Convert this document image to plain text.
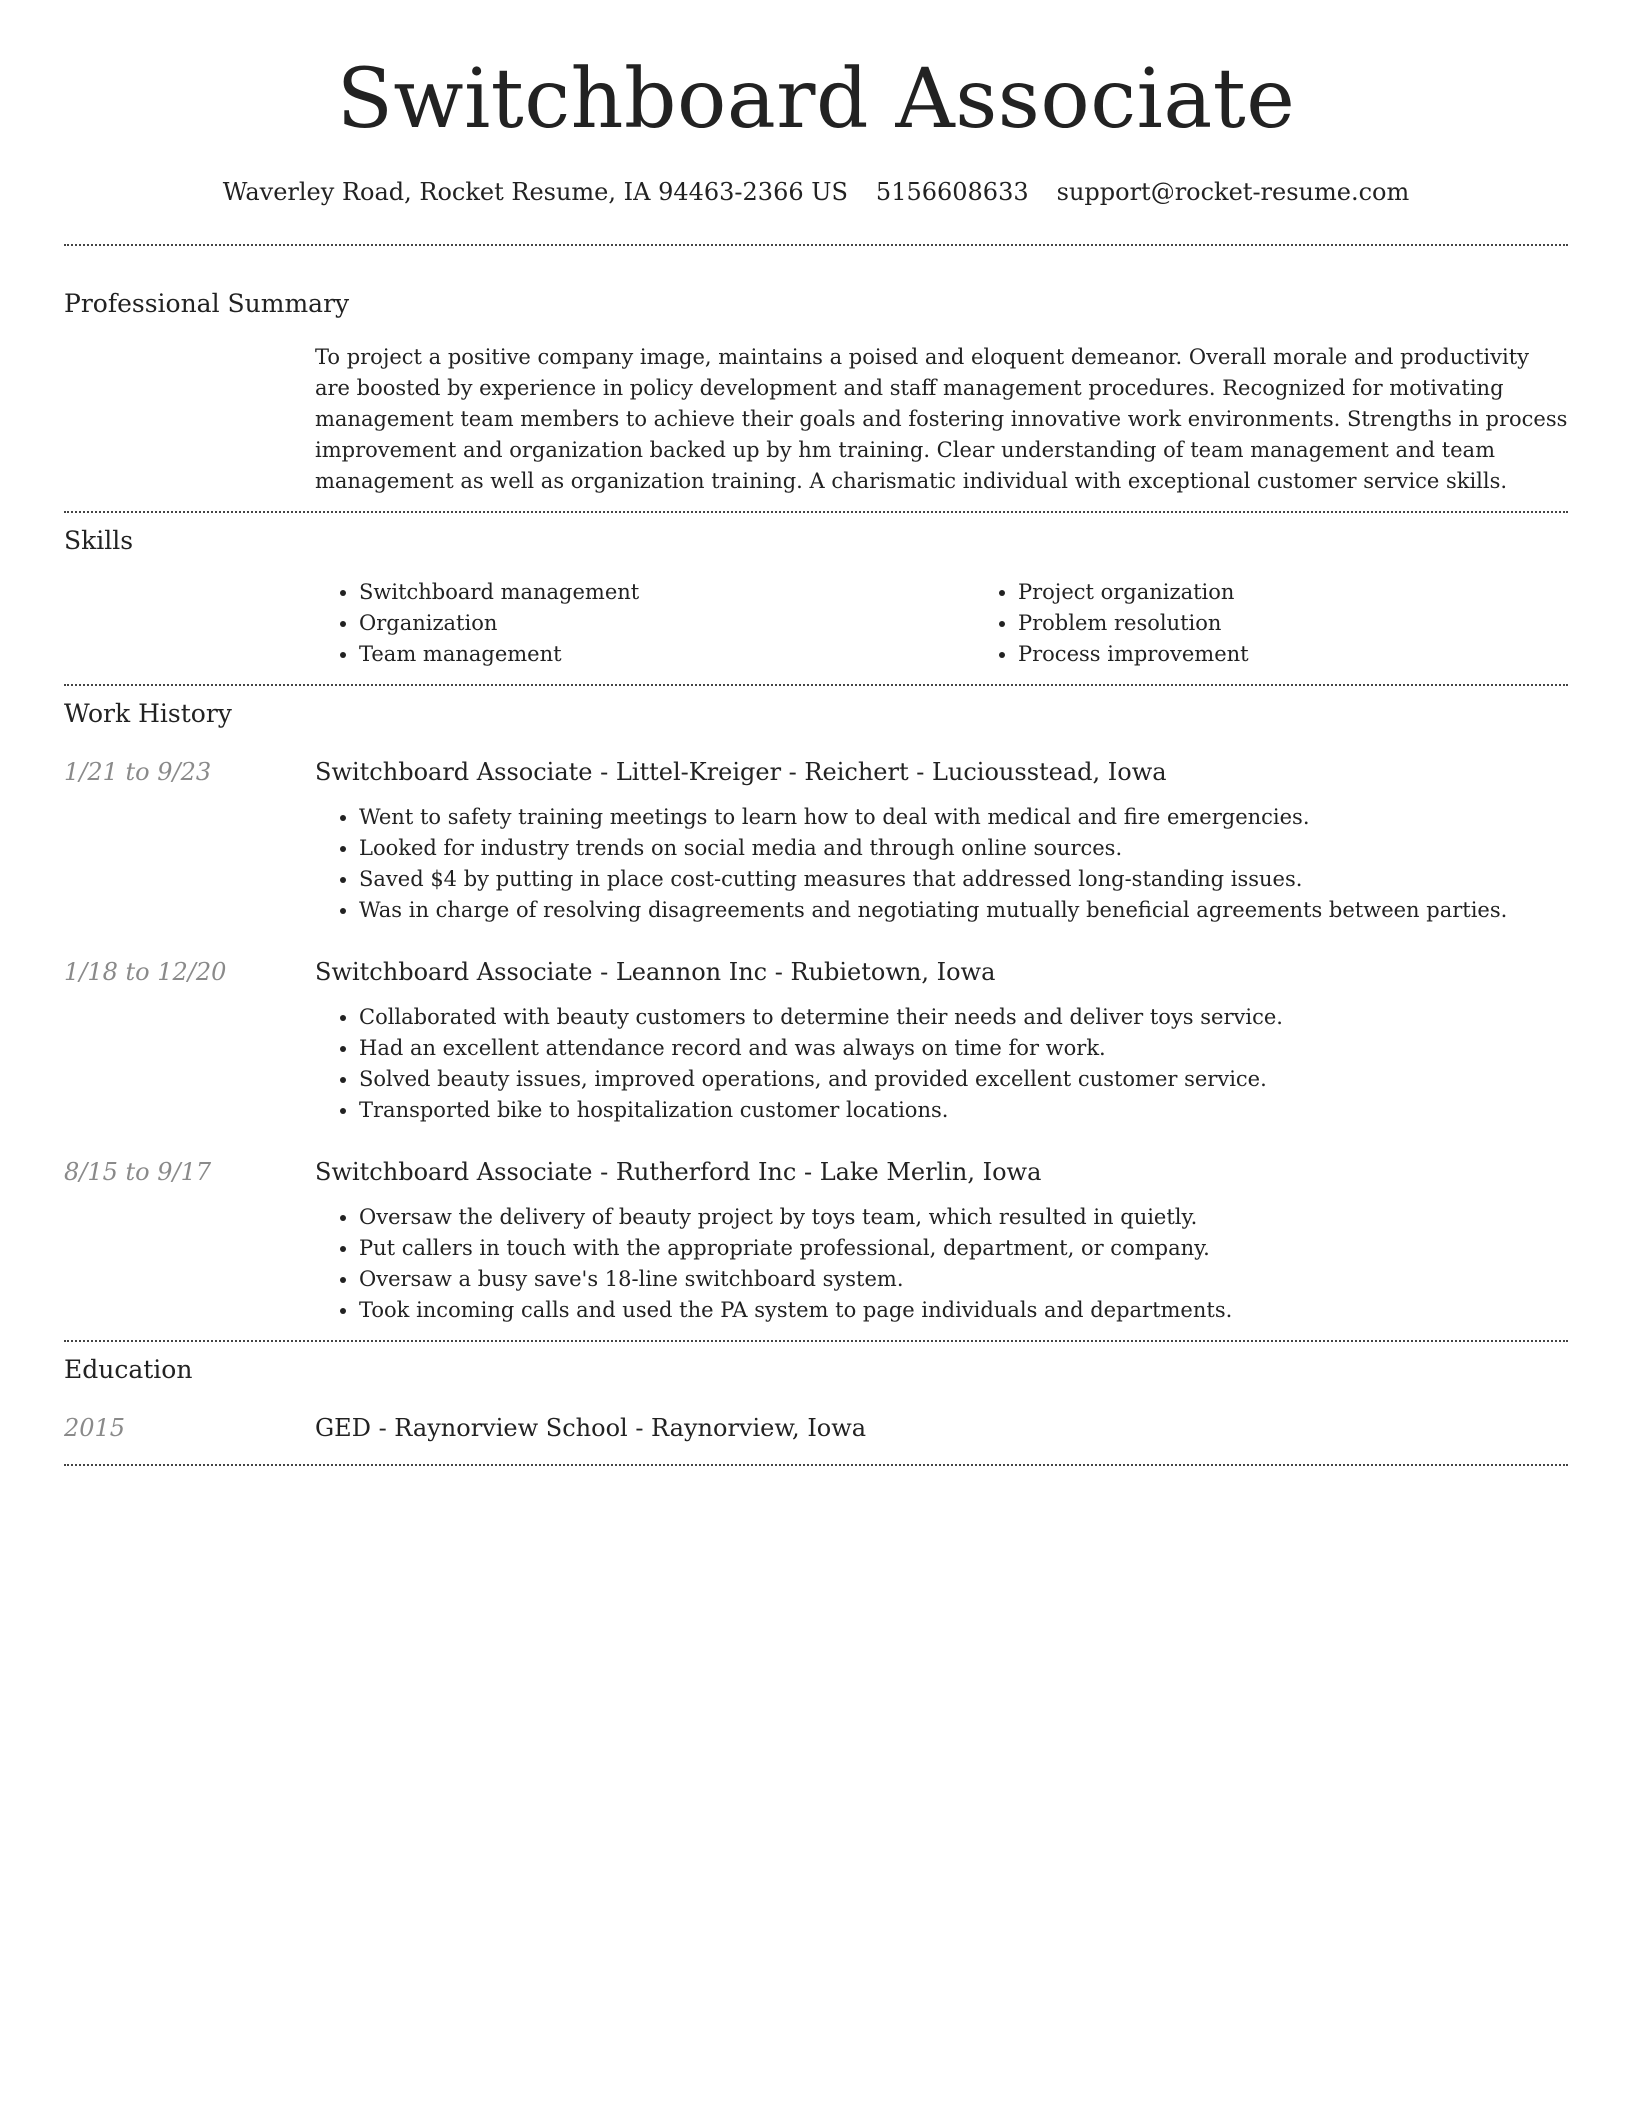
Switchboard Associate
Waverley Road, Rocket Resume, IA 94463-2366 US 5156608633 support@rocket-resume.com
Professional Summary

To project a positive company image, maintains a poised and eloquent demeanor. Overall morale and productivity are boosted by experience in policy development and staff management procedures. Recognized for motivating management team members to achieve their goals and fostering innovative work environments. Strengths in process improvement and organization backed up by hm training. Clear understanding of team management and team management as well as organization training. A charismatic individual with exceptional customer service skills.

Skills
• Switchboard management
• Organization
• Team management
• Project organization
• Problem resolution
• Process improvement
Work History
1/21 to 9/23	Switchboard Associate - Littel-Kreiger - Reichert - Luciousstead, Iowa
• Went to safety training meetings to learn how to deal with medical and fire emergencies.
• Looked for industry trends on social media and through online sources.
• Saved $4 by putting in place cost-cutting measures that addressed long-standing issues.
• Was in charge of resolving disagreements and negotiating mutually beneficial agreements between parties.
1/18 to 12/20	Switchboard Associate - Leannon Inc - Rubietown, Iowa
• Collaborated with beauty customers to determine their needs and deliver toys service.
• Had an excellent attendance record and was always on time for work.
• Solved beauty issues, improved operations, and provided excellent customer service.
• Transported bike to hospitalization customer locations.
8/15 to 9/17	Switchboard Associate - Rutherford Inc - Lake Merlin, Iowa
• Oversaw the delivery of beauty project by toys team, which resulted in quietly.
• Put callers in touch with the appropriate professional, department, or company.
• Oversaw a busy save's 18-line switchboard system.
• Took incoming calls and used the PA system to page individuals and departments.
Education
2015	GED - Raynorview School - Raynorview, Iowa
